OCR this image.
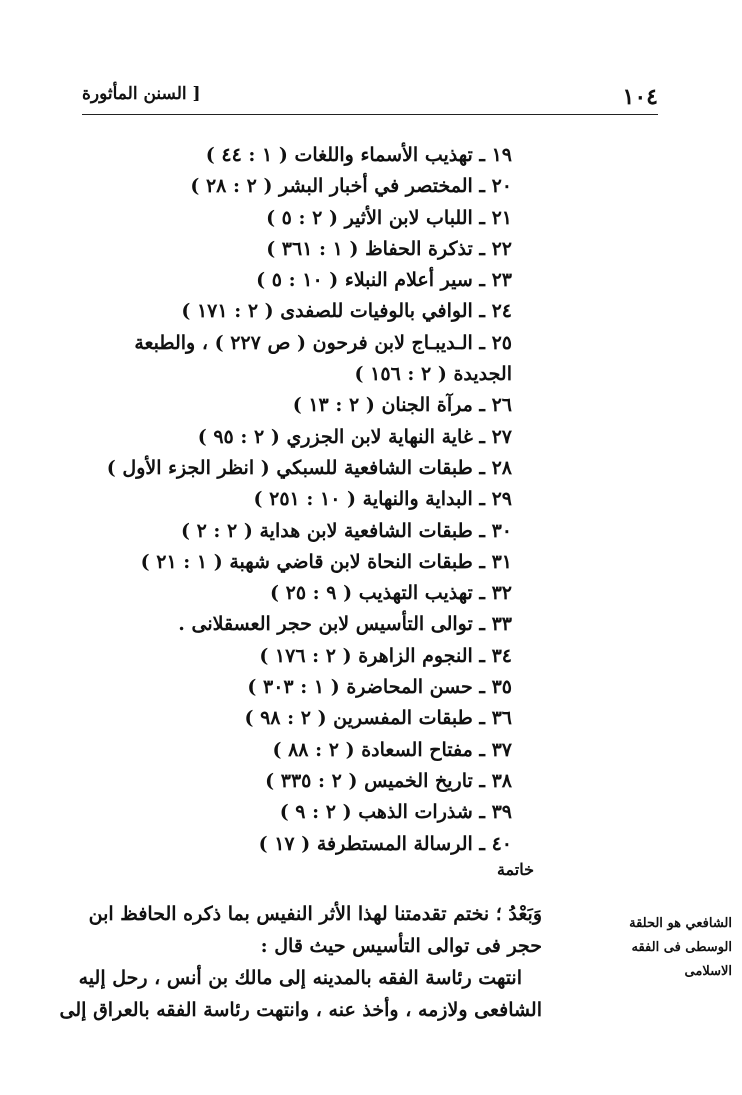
١٠٤
[ السنن المأثورة
١٩ ـ تهذيب الأسماء واللغات ( ١ : ٤٤ )
٢٠ ـ المختصر في أخبار البشر ( ٢ : ٢٨ )
٢١ ـ اللباب لابن الأثير ( ٢ : ٥ )
٢٢ ـ تذكرة الحفاظ ( ١ : ٣٦١ )
٢٣ ـ سير أعلام النبلاء ( ١٠ : ٥ )
٢٤ ـ الوافي بالوفيات للصفدى ( ٢ : ١٧١ )
٢٥ ـ الـديبـاج لابن فرحون ( ص ٢٢٧ ) ، والطبعة
الجديدة ( ٢ : ١٥٦ )
٢٦ ـ مرآة الجنان ( ٢ : ١٣ )
٢٧ ـ غاية النهاية لابن الجزري ( ٢ : ٩٥ )
٢٨ ـ طبقات الشافعية للسبكي ( انظر الجزء الأول )
٢٩ ـ البداية والنهاية ( ١٠ : ٢٥١ )
٣٠ ـ طبقات الشافعية لابن هداية ( ٢ : ٢ )
٣١ ـ طبقات النحاة لابن قاضي شهبة ( ١ : ٢١ )
٣٢ ـ تهذيب التهذيب ( ٩ : ٢٥ )
٣٣ ـ توالى التأسيس لابن حجر العسقلانى .
٣٤ ـ النجوم الزاهرة ( ٢ : ١٧٦ )
٣٥ ـ حسن المحاضرة ( ١ : ٣٠٣ )
٣٦ ـ طبقات المفسرين ( ٢ : ٩٨ )
٣٧ ـ مفتاح السعادة ( ٢ : ٨٨ )
٣٨ ـ تاريخ الخميس ( ٢ : ٣٣٥ )
٣٩ ـ شذرات الذهب ( ٢ : ٩ )
٤٠ ـ الرسالة المستطرفة ( ١٧ )
خاتمة
الشافعي هو الحلقة الوسطى فى الفقه الاسلامى
وَبَعْدُ ؛ نختم تقدمتنا لهذا الأثر النفيس بما ذكره الحافظ ابن
حجر فى توالى التأسيس حيث قال :
انتهت رئاسة الفقه بالمدينه إلى مالك بن أنس ، رحل إليه
الشافعى ولازمه ، وأخذ عنه ، وانتهت رئاسة الفقه بالعراق إلى
